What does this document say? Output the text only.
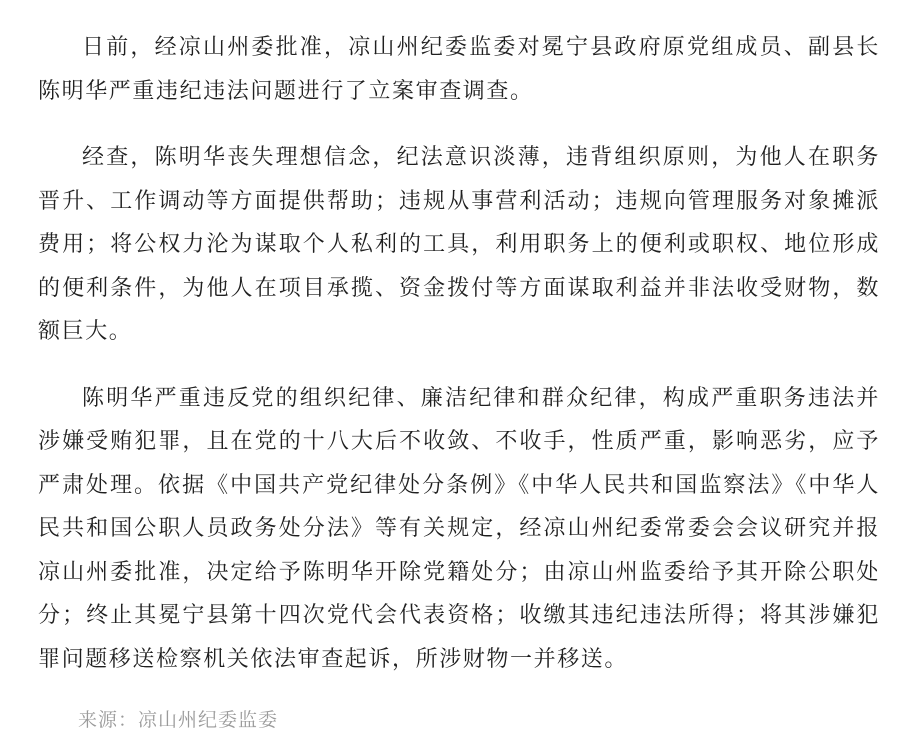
日前，经凉山州委批准，凉山州纪委监委对冕宁县政府原党组成员、副县长陈明华严重违纪违法问题进行了立案审查调查。

经查，陈明华丧失理想信念，纪法意识淡薄，违背组织原则，为他人在职务晋升、工作调动等方面提供帮助；违规从事营利活动；违规向管理服务对象摊派费用；将公权力沦为谋取个人私利的工具，利用职务上的便利或职权、地位形成的便利条件，为他人在项目承揽、资金拨付等方面谋取利益并非法收受财物，数额巨大。

陈明华严重违反党的组织纪律、廉洁纪律和群众纪律，构成严重职务违法并涉嫌受贿犯罪，且在党的十八大后不收敛、不收手，性质严重，影响恶劣，应予严肃处理。依据《中国共产党纪律处分条例》《中华人民共和国监察法》《中华人民共和国公职人员政务处分法》等有关规定，经凉山州纪委常委会会议研究并报凉山州委批准，决定给予陈明华开除党籍处分；由凉山州监委给予其开除公职处分；终止其冕宁县第十四次党代会代表资格；收缴其违纪违法所得；将其涉嫌犯罪问题移送检察机关依法审查起诉，所涉财物一并移送。

来源：凉山州纪委监委
